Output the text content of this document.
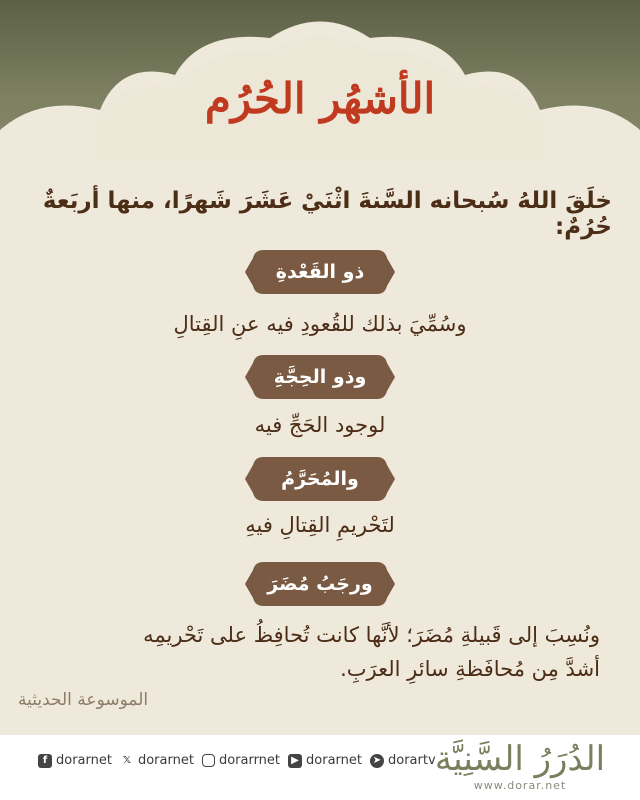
الأشهُر الحُرُم
خلَقَ اللهُ سُبحانه السَّنةَ اثْنَيْ عَشَرَ شَهرًا، منها أربَعةٌ حُرُمٌ:
ذو القَعْدةِ
وسُمِّيَ بذلك للقُعودِ فيه عنِ القِتالِ
وذو الحِجَّةِ
لوجود الحَجِّ فيه
والمُحَرَّمُ
لتَحْريمِ القِتالِ فيهِ
ورجَبُ مُضَرَ
ونُسِبَ إلى قَبيلةِ مُضَرَ؛ لأنَّها كانت تُحافِظُ على تَحْريمِه
أشدَّ مِن مُحافَظةِ سائرِ العرَبِ.
الموسوعة الحديثية
f dorarnet 𝕏 dorarnet dorarrnet	▶ dorarnet ➤ dorartv الدُرَرُ السَّنِيَّة
www.dorar.net
